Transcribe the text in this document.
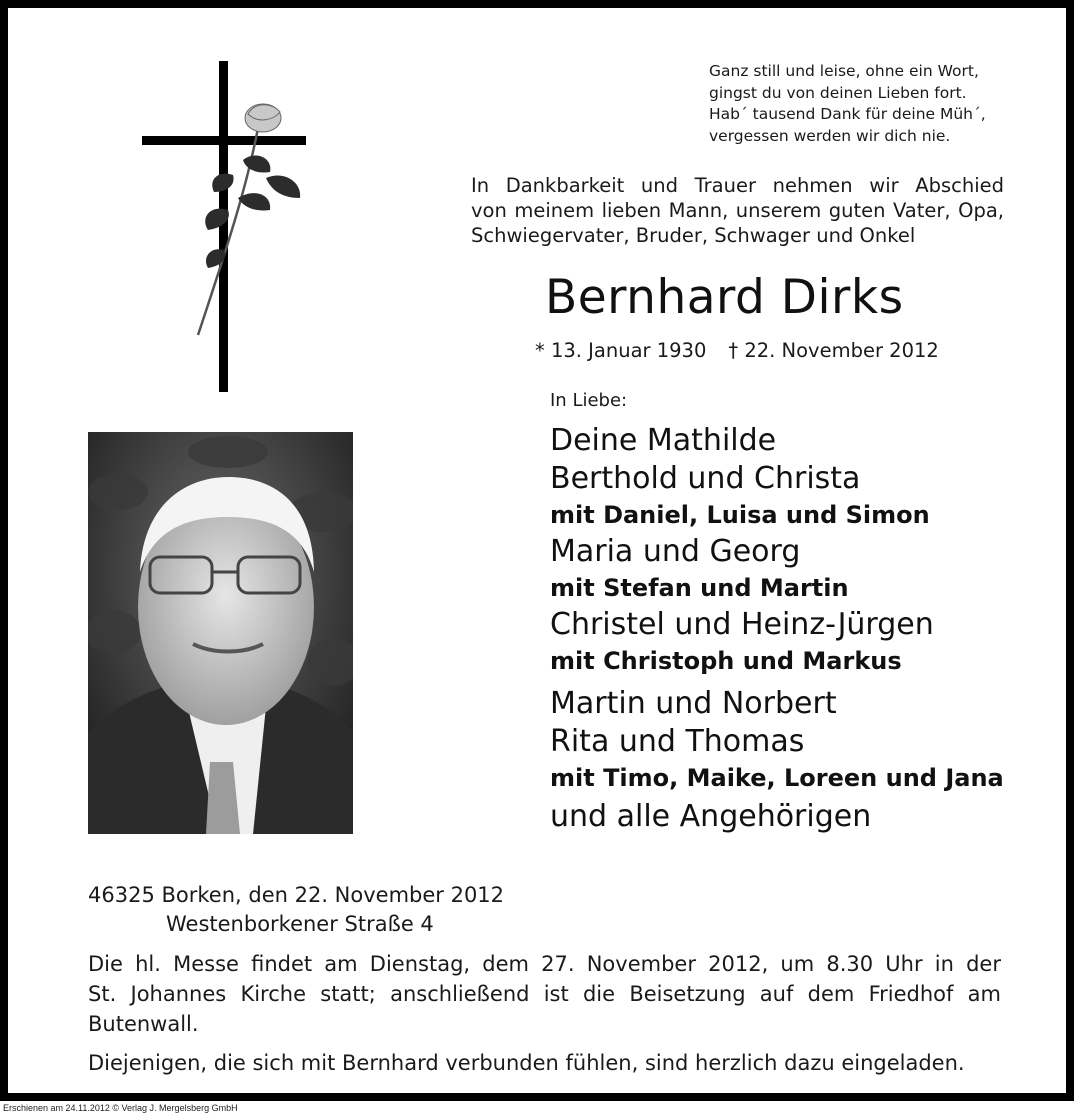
Ganz still und leise, ohne ein Wort,
gingst du von deinen Lieben fort.
Hab´ tausend Dank für deine Müh´,
vergessen werden wir dich nie.
In Dankbarkeit und Trauer nehmen wir Abschied
von meinem lieben Mann, unserem guten Vater, Opa,
Schwiegervater, Bruder, Schwager und Onkel
Bernhard Dirks
* 13. Januar 1930 † 22. November 2012
In Liebe:
Deine Mathilde
Berthold und Christa
mit Daniel, Luisa und Simon
Maria und Georg
mit Stefan und Martin
Christel und Heinz-Jürgen
mit Christoph und Markus
Martin und Norbert
Rita und Thomas
mit Timo, Maike, Loreen und Jana
und alle Angehörigen
46325 Borken, den 22. November 2012
Westenborkener Straße 4
Die hl. Messe findet am Dienstag, dem 27. November 2012, um 8.30 Uhr in der
St. Johannes Kirche statt; anschließend ist die Beisetzung auf dem Friedhof am
Butenwall.
Diejenigen, die sich mit Bernhard verbunden fühlen, sind herzlich dazu eingeladen.
Erschienen am 24.11.2012 © Verlag J. Mergelsberg GmbH
